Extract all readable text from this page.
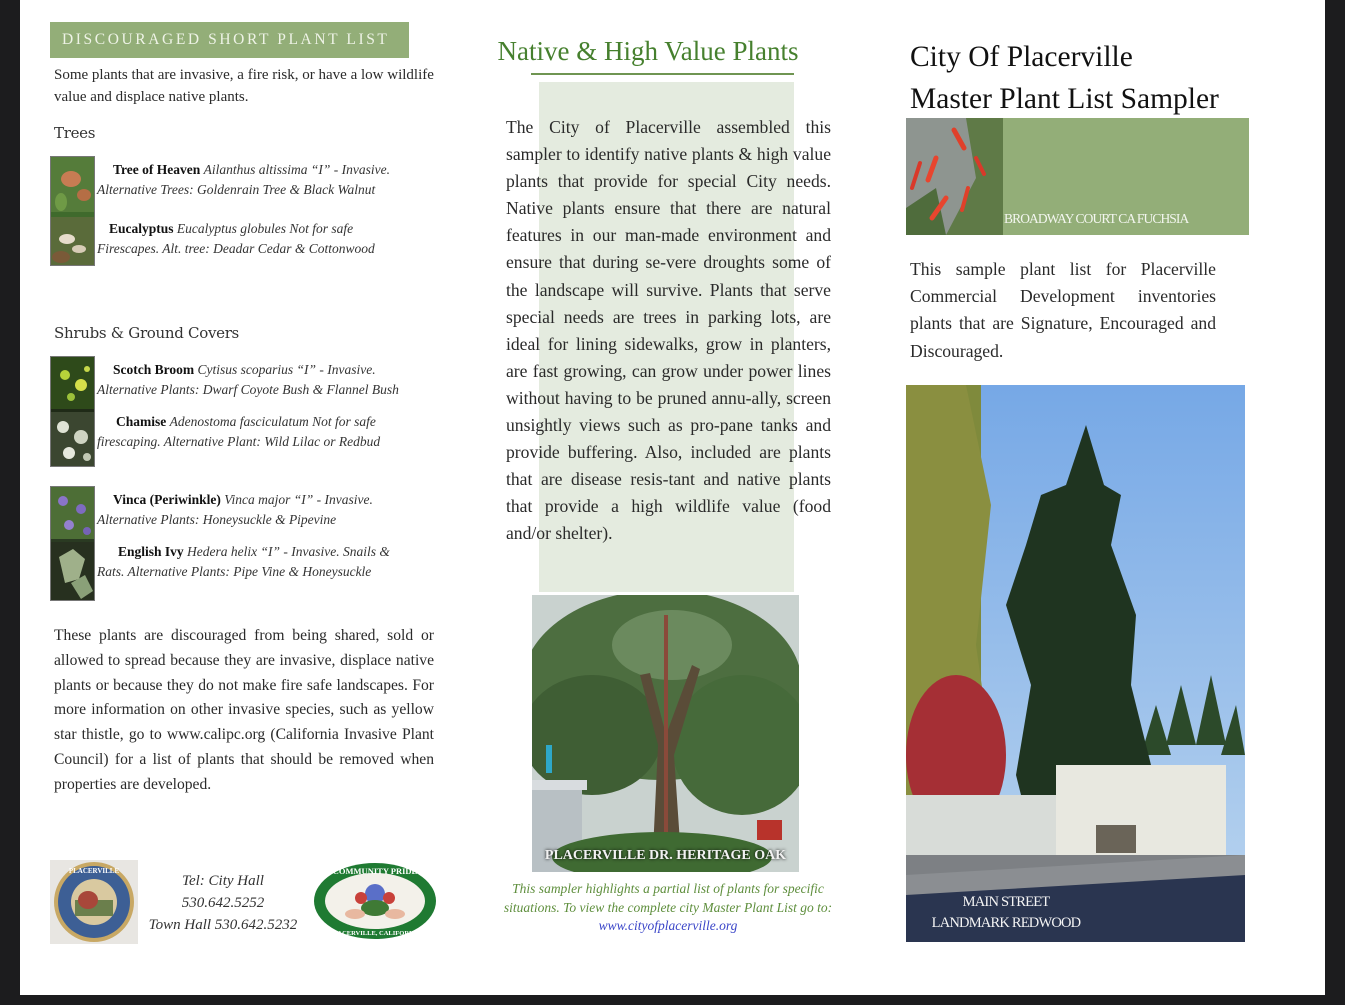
DISCOURAGED SHORT PLANT LIST
Some plants that are invasive, a fire risk, or have a low wildlife value and displace native plants.
Trees
Tree of Heaven Ailanthus altissima “I” - Invasive.
Alternative Trees: Goldenrain Tree & Black Walnut
Eucalyptus Eucalyptus globules Not for safe
Firescapes. Alt. tree: Deadar Cedar & Cottonwood
Shrubs & Ground Covers
Scotch Broom Cytisus scoparius “I” - Invasive.
Alternative Plants: Dwarf Coyote Bush & Flannel Bush
Chamise Adenostoma fasciculatum Not for safe
firescaping. Alternative Plant: Wild Lilac or Redbud
Vinca (Periwinkle) Vinca major “I” - Invasive.
Alternative Plants: Honeysuckle & Pipevine
English Ivy Hedera helix “I” - Invasive. Snails &
Rats. Alternative Plants: Pipe Vine & Honeysuckle
These plants are discouraged from being shared, sold or allowed to spread because they are invasive, displace native plants or because they do not make fire safe landscapes. For more information on other invasive species, such as yellow star thistle, go to www.calipc.org (California Invasive Plant Council) for a list of plants that should be removed when properties are developed.
PLACERVILLE
Tel: City Hall
530.642.5252
Town Hall 530.642.5232
COMMUNITY PRIDE
PLACERVILLE, CALIFORNIA
Native & High Value Plants
The City of Placerville assembled this sampler to identify native plants & high value plants that provide for special City needs. Native plants ensure that there are natural features in our man-made environment and ensure that during se-vere droughts some of the landscape will survive. Plants that serve special needs are trees in parking lots, are ideal for lining sidewalks, grow in planters, are fast growing, can grow under power lines without having to be pruned annu-ally, screen unsightly views such as pro-pane tanks and provide buffering. Also, included are plants that are disease resis-tant and native plants that provide a high wildlife value (food and/or shelter).
PLACERVILLE DR. HERITAGE OAK
This sampler highlights a partial list of plants for specific situations. To view the complete city Master Plant List go to: www.cityofplacerville.org
City Of Placerville
Master Plant List Sampler
BROADWAY COURT CA FUCHSIA
This sample plant list for Placerville Commercial Development inventories plants that are Signature, Encouraged and Discouraged.
MAIN STREET
LANDMARK REDWOOD
